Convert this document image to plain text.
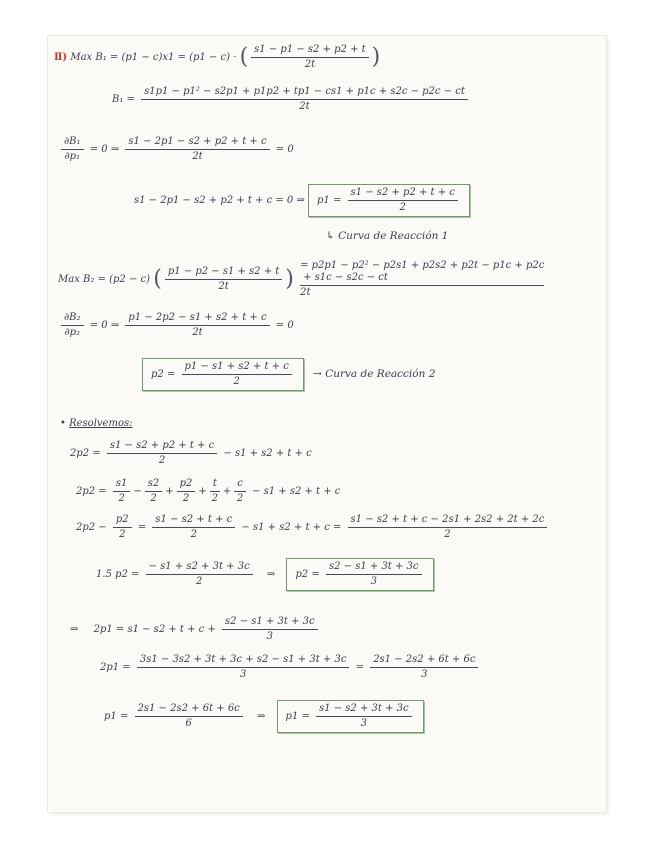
Ⅱ) Max B₁ = (p1 − c)x1 = (p1 − c) · ( $\frac{s1 - p1 - s2 + p2 + t}{2t}$ )
$B_1 = \frac{\text{s1p1 − p1² − s2p1 + p1p2 + tp1 − cs1 + p1c + s2c − p2c − ct}}{2t}$
$\frac{\text{∂B₁}}{\text{∂p₁}} = 0$ ⇒ $\frac{s1 - 2p1 - s2 + p2 + t + c}{2t} = 0$
s1 − 2p1 − s2 + p2 + t + c = 0 ⇒ $p1 = \frac{s1 - s2 + p2 + t + c}{2}$
↳ Curva de Reacción 1
Max B₂ = (p2 − c) ( $\frac{p1 - p2 - s1 + s2 + t}{2t}$ )
= p2p1 − p2² − p2s1 + p2s2 + p2t − p1c + p2c
+ s1c − s2c − ct
2t
$\frac{\text{∂B₂}}{\text{∂p₂}} = 0$ ⇒ $\frac{p1 - 2p2 - s1 + s2 + t + c}{2t} = 0$
$p2 = \frac{p1 - s1 + s2 + t + c}{2}$ → Curva de Reacción 2
• Resolvemos:
$2p2 = \frac{s1 - s2 + p2 + t + c}{2} - s1 + s2 + t + c$
$2p2 = \frac{s1}{2} - \frac{s2}{2} + \frac{p2}{2} + \frac{t}{2} + \frac{c}{2} - s1 + s2 + t + c$
$2p2 - \frac{p2}{2} = \frac{s1 - s2 + t + c}{2} - s1 + s2 + t + c = \frac{s1 - s2 + t + c - 2s1 + 2s2 + 2t + 2c}{2}$
1.5 $p2 = \frac{- s1 + s2 + 3t + 3c}{2}$ ⇒ $p2 = \frac{s2 - s1 + 3t + 3c}{3}$
⇒ $2p1 = s1 - s2 + t + c + \frac{s2 - s1 + 3t + 3c}{3}$
$2p1 = \frac{3s1 - 3s2 + 3t + 3c + s2 - s1 + 3t + 3c}{3} = \frac{2s1 - 2s2 + 6t + 6c}{3}$
$p1 = \frac{2s1 - 2s2 + 6t + 6c}{6}$ ⇒ $p1 = \frac{s1 - s2 + 3t + 3c}{3}$
